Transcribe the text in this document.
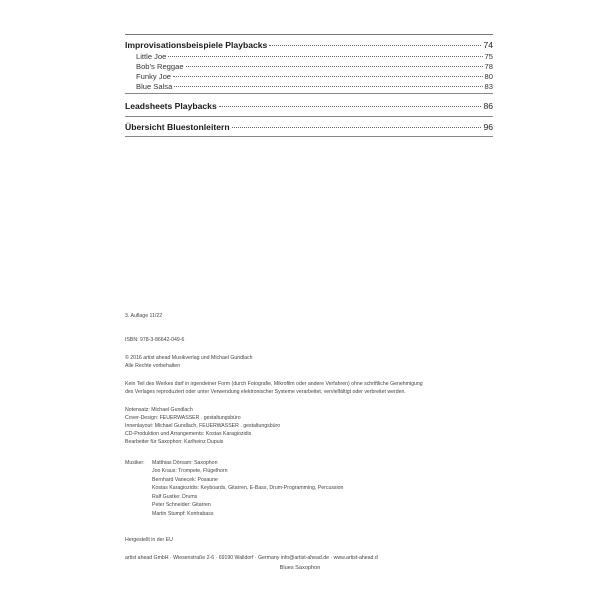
Improvisationsbeispiele Playbacks	74
Little Joe	75
Bob’s Reggae	78
Funky Joe	80
Blue Salsa	83
Leadsheets Playbacks	86
Übersicht Bluestonleitern	96
3. Auflage 11/22
ISBN: 978-3-86642-049-6
© 2016 artist ahead Musikverlag und Michael Gundlach
Alle Rechte vorbehalten
Kein Teil des Werkes darf in irgendeiner Form (durch Fotografie, Mikrofilm oder andere Verfahren) ohne schriftliche Genehmigung
des Verlages reproduziert oder unter Verwendung elektronischer Systeme verarbeitet, vervielfältigt oder verbreitet werden.
Notensatz: Michael Gundlach
Cover-Design: FEUERWASSER . gestaltungsbüro
Innenlayout: Michael Gundlach, FEUERWASSER . gestaltungsbüro
CD-Produktion und Arrangements: Kostas Karagiozidis
Bearbeiter für Saxophon: Karlheinz Dupuis
Musiker: Matthias Dörsam: Saxophon
Joo Kraus: Trompete, Flügelhorn
Bernhard Vanecek: Posaune
Kostas Karagiozidis: Keyboards, Gitarren, E-Bass, Drum-Programming, Percussion
Ralf Gustke: Drums
Peter Schneider: Gitarren
Martin Stumpf: Kontrabass
Hergestellt in der EU
artist ahead GmbH · Wiesenstraße 2-6 · 69190 Walldorf · Germany info@artist-ahead.de · www.artist-ahead.d
Blues Saxophon
